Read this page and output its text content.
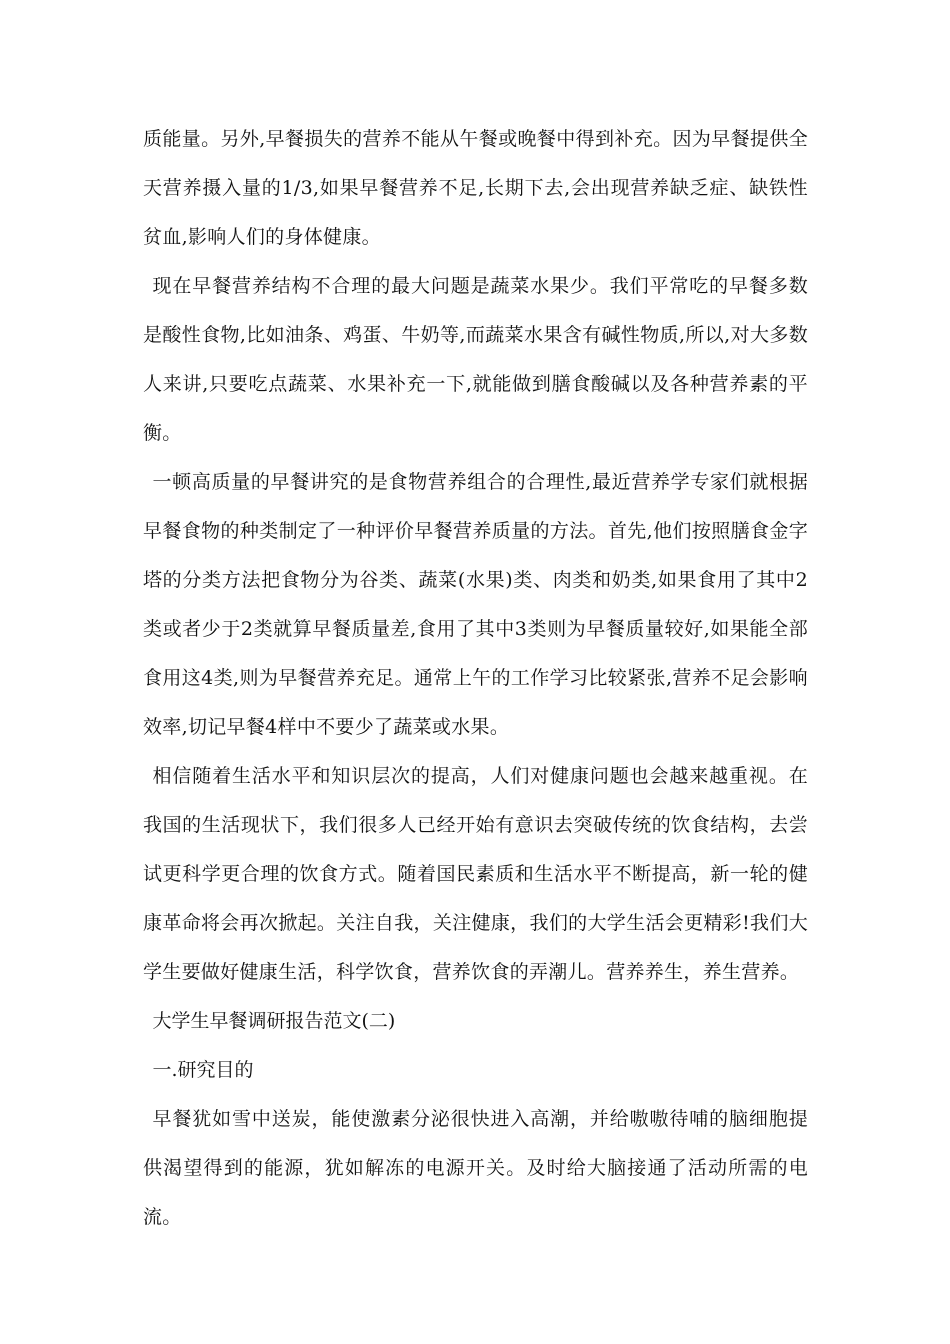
质能量。另外,早餐损失的营养不能从午餐或晚餐中得到补充。因为早餐提供全天营养摄入量的1/3,如果早餐营养不足,长期下去,会出现营养缺乏症、缺铁性贫血,影响人们的身体健康。

现在早餐营养结构不合理的最大问题是蔬菜水果少。我们平常吃的早餐多数是酸性食物,比如油条、鸡蛋、牛奶等,而蔬菜水果含有碱性物质,所以,对大多数人来讲,只要吃点蔬菜、水果补充一下,就能做到膳食酸碱以及各种营养素的平衡。

一顿高质量的早餐讲究的是食物营养组合的合理性,最近营养学专家们就根据早餐食物的种类制定了一种评价早餐营养质量的方法。首先,他们按照膳食金字塔的分类方法把食物分为谷类、蔬菜(水果)类、肉类和奶类,如果食用了其中2类或者少于2类就算早餐质量差,食用了其中3类则为早餐质量较好,如果能全部食用这4类,则为早餐营养充足。通常上午的工作学习比较紧张,营养不足会影响效率,切记早餐4样中不要少了蔬菜或水果。

相信随着生活水平和知识层次的提高，人们对健康问题也会越来越重视。在我国的生活现状下，我们很多人已经开始有意识去突破传统的饮食结构，去尝试更科学更合理的饮食方式。随着国民素质和生活水平不断提高，新一轮的健康革命将会再次掀起。关注自我，关注健康，我们的大学生活会更精彩!我们大学生要做好健康生活，科学饮食，营养饮食的弄潮儿。营养养生，养生营养。

大学生早餐调研报告范文(二)

一.研究目的

早餐犹如雪中送炭，能使激素分泌很快进入高潮，并给嗷嗷待哺的脑细胞提供渴望得到的能源，犹如解冻的电源开关。及时给大脑接通了活动所需的电流。
